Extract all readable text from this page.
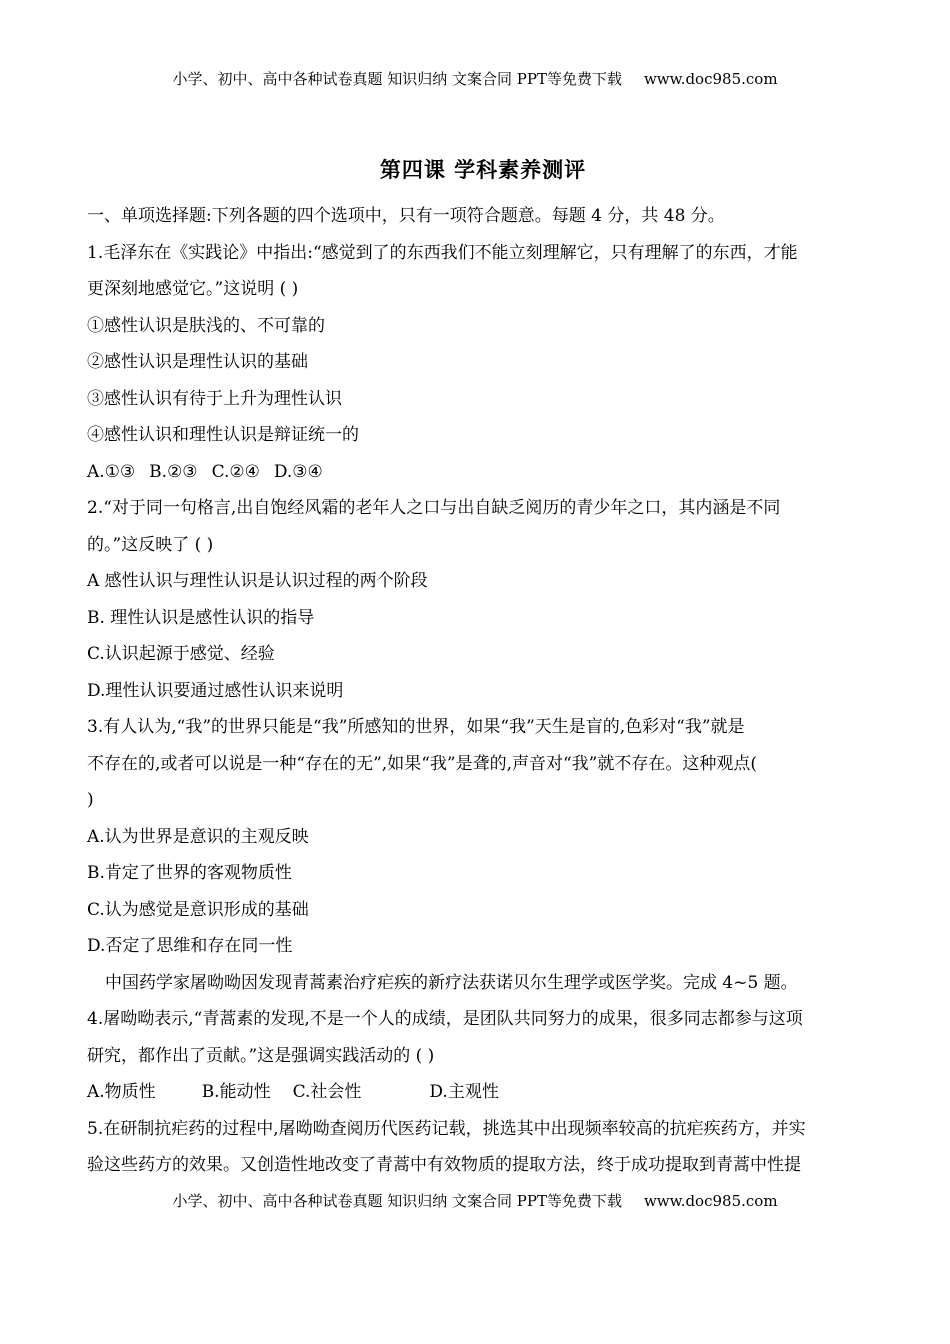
小学、初中、高中各种试卷真题 知识归纳 文案合同 PPT等免费下载 www.doc985.com
第四课 学科素养测评
一、单项选择题:下列各题的四个选项中，只有一项符合题意。每题 4 分，共 48 分。
1.毛泽东在《实践论》中指出:“感觉到了的东西我们不能立刻理解它，只有理解了的东西，才能
更深刻地感觉它。”这说明 ( )
①感性认识是肤浅的、不可靠的
②感性认识是理性认识的基础
③感性认识有待于上升为理性认识
④感性认识和理性认识是辩证统一的
A.①③ B.②③ C.②④ D.③④
2.“对于同一句格言,出自饱经风霜的老年人之口与出自缺乏阅历的青少年之口，其内涵是不同
的。”这反映了 ( )
A 感性认识与理性认识是认识过程的两个阶段
B. 理性认识是感性认识的指导
C.认识起源于感觉、经验
D.理性认识要通过感性认识来说明
3.有人认为,“我”的世界只能是“我”所感知的世界，如果“我”天生是盲的,色彩对“我”就是
不存在的,或者可以说是一种“存在的无”,如果“我”是聋的,声音对“我”就不存在。这种观点(
)
A.认为世界是意识的主观反映
B.肯定了世界的客观物质性
C.认为感觉是意识形成的基础
D.否定了思维和存在同一性
中国药学家屠呦呦因发现青蒿素治疗疟疾的新疗法获诺贝尔生理学或医学奖。完成 4~5 题。
4.屠呦呦表示,“青蒿素的发现,不是一个人的成绩，是团队共同努力的成果，很多同志都参与这项
研究，都作出了贡献。”这是强调实践活动的 ( )
A.物质性	B.能动性 C.社会性	D.主观性
5.在研制抗疟药的过程中,屠呦呦查阅历代医药记载，挑选其中出现频率较高的抗疟疾药方，并实
验这些药方的效果。又创造性地改变了青蒿中有效物质的提取方法，终于成功提取到青蒿中性提
小学、初中、高中各种试卷真题 知识归纳 文案合同 PPT等免费下载 www.doc985.com
